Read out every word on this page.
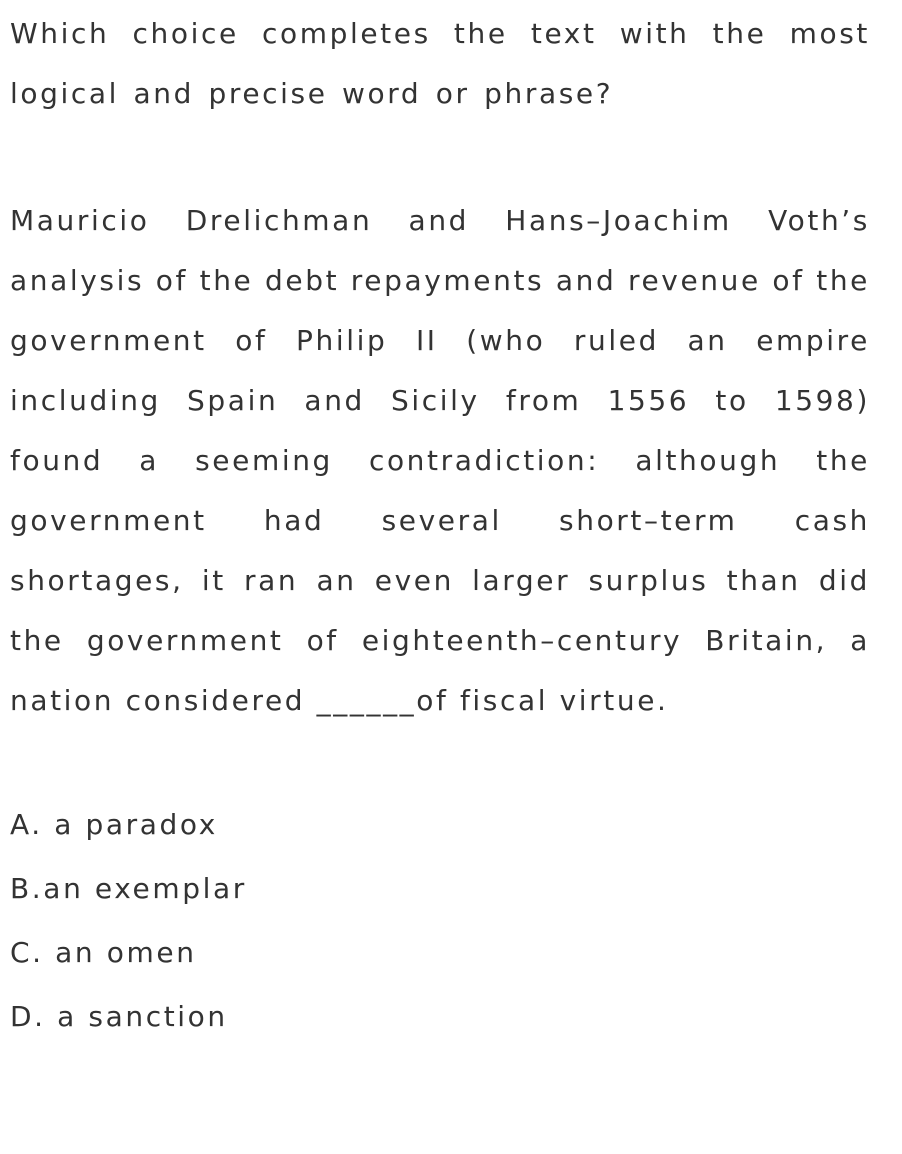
Which choice completes the text with the most logical and precise word or phrase?

Mauricio Drelichman and Hans–Joachim Voth’s analysis of the debt repayments and revenue of the government of Philip II (who ruled an empire including Spain and Sicily from 1556 to 1598) found a seeming contradiction: although the government had several short–term cash shortages, it ran an even larger surplus than did the government of eighteenth–century Britain, a nation considered ______of fiscal virtue.

A. a paradox
B.an exemplar
C. an omen
D. a sanction
